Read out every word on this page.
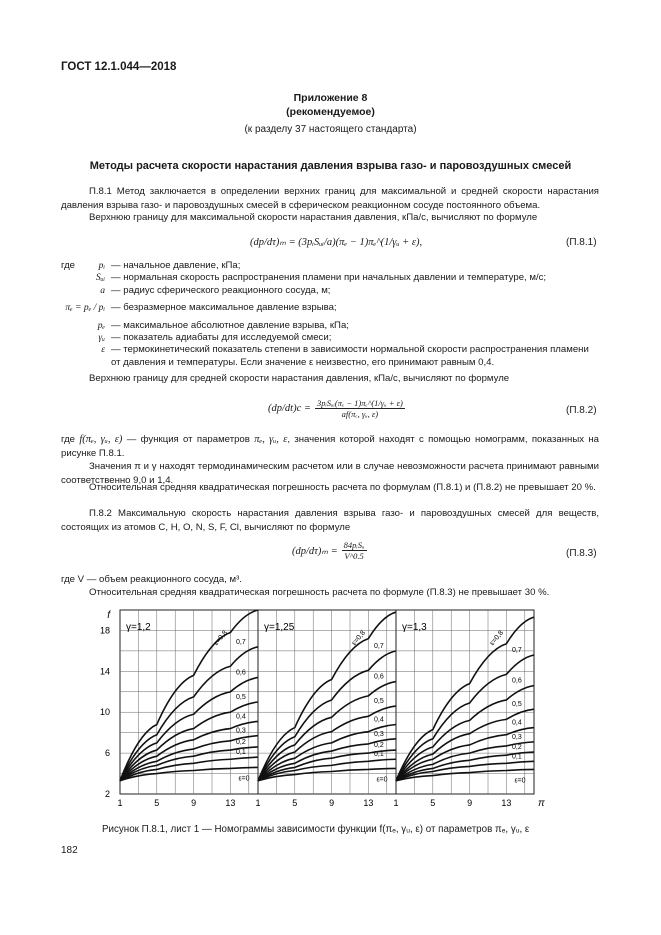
ГОСТ 12.1.044—2018
Приложение 8
(рекомендуемое)
(к разделу 37 настоящего стандарта)
Методы расчета скорости нарастания давления взрыва газо- и паровоздушных смесей
П.8.1 Метод заключается в определении верхних границ для максимальной и средней скорости нарастания давления взрыва газо- и паровоздушных смесей в сферическом реакционном сосуде постоянного объема.
Верхнюю границу для максимальной скорости нарастания давления, кПа/с, вычисляют по формуле
(dp/dτ)ₘ = (3pᵢSᵤᵢ/a)(πₑ − 1)πₑ^(1/γᵤ + ε),	(П.8.1)
где pᵢ — начальное давление, кПа;
Sᵤᵢ — нормальная скорость распространения пламени при начальных давлении и температуре, м/с;
a — радиус сферического реакционного сосуда, м;
πₑ = pₑ / pᵢ — безразмерное максимальное давление взрыва;
pₑ — максимальное абсолютное давление взрыва, кПа;
γᵤ — показатель адиабаты для исследуемой смеси;
ε — термокинетический показатель степени в зависимости нормальной скорости распространения пламени от давления и температуры. Если значение ε неизвестно, его принимают равным 0,4.
Верхнюю границу для средней скорости нарастания давления, кПа/с, вычисляют по формуле
(dp/dt)c = 3pᵢSᵤᵢ(πₑ − 1)πₑ^(1/γᵤ + ε)
af(πₑ, γᵤ, ε)	(П.8.2)
где f(πₑ, γᵤ, ε) — функция от параметров πₑ, γᵤ, ε, значения которой находят с помощью номограмм, показанных на рисунке П.8.1.
Значения π и γ находят термодинамическим расчетом или в случае невозможности расчета принимают равными соответственно 9,0 и 1,4.
Относительная средняя квадратическая погрешность расчета по формулам (П.8.1) и (П.8.2) не превышает 20 %.
П.8.2 Максимальную скорость нарастания давления взрыва газо- и паровоздушных смесей для веществ, состоящих из атомов С, Н, О, N, S, F, Cl, вычисляют по формуле
(dp/dτ)ₘ =
84pᵢSᵤ
V^0.5	(П.8.3)
где V — объем реакционного сосуда, м³.
Относительная средняя квадратическая погрешность расчета по формуле (П.8.3) не превышает 30 %.
f
2
6
10
14
18
1	5	9	13
γ=1,2
ε=0
0,1
0,2
0,3
0,4
0,5
0,6
0,7
ε=0,8
1	5	9	13
γ=1,25
ε=0
0,1
0,2
0,3
0,4
0,5
0,6
0,7
ε=0,8
1	5	9	13
γ=1,3
ε=0
0,1
0,2
0,3
0,4
0,5
0,6
0,7
ε=0,8
π
Рисунок П.8.1, лист 1 — Номограммы зависимости функции f(πₑ, γᵤ, ε) от параметров πₑ, γᵤ, ε
182
